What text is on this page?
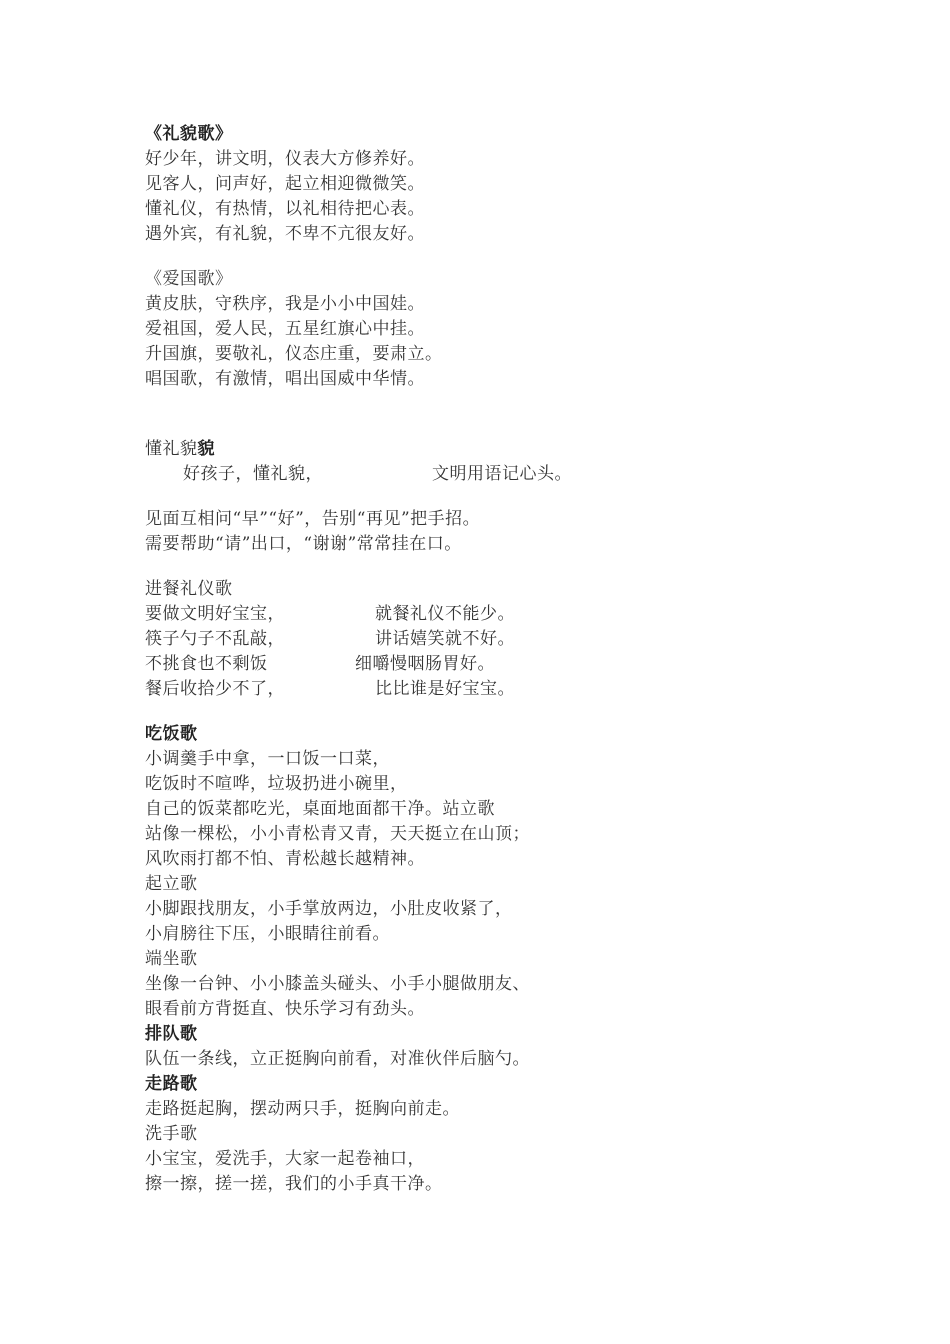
《礼貌歌》
好少年，讲文明，仪表大方修养好。
见客人，问声好，起立相迎微微笑。
懂礼仪，有热情，以礼相待把心表。
遇外宾，有礼貌，不卑不亢很友好。
《爱国歌》
黄皮肤，守秩序，我是小小中国娃。
爱祖国，爱人民，五星红旗心中挂。
升国旗，要敬礼，仪态庄重，要肃立。
唱国歌，有激情，唱出国威中华情。
懂礼貌貌
好孩子，懂礼貌，	文明用语记心头。
见面互相问“早”“好”，告别“再见”把手招。
需要帮助“请”出口，“谢谢”常常挂在口。
进餐礼仪歌
要做文明好宝宝，	就餐礼仪不能少。
筷子勺子不乱敲，	讲话嬉笑就不好。
不挑食也不剩饭	细嚼慢咽肠胃好。
餐后收拾少不了，	比比谁是好宝宝。
吃饭歌
小调羹手中拿，一口饭一口菜，
吃饭时不喧哗，垃圾扔进小碗里，
自己的饭菜都吃光，桌面地面都干净。站立歌
站像一棵松，小小青松青又青，天天挺立在山顶；
风吹雨打都不怕、青松越长越精神。
起立歌
小脚跟找朋友，小手掌放两边，小肚皮收紧了，
小肩膀往下压，小眼睛往前看。
端坐歌
坐像一台钟、小小膝盖头碰头、小手小腿做朋友、
眼看前方背挺直、快乐学习有劲头。
排队歌
队伍一条线，立正挺胸向前看，对准伙伴后脑勺。
走路歌
走路挺起胸，摆动两只手，挺胸向前走。
洗手歌
小宝宝，爱洗手，大家一起卷袖口，
擦一擦，搓一搓，我们的小手真干净。
